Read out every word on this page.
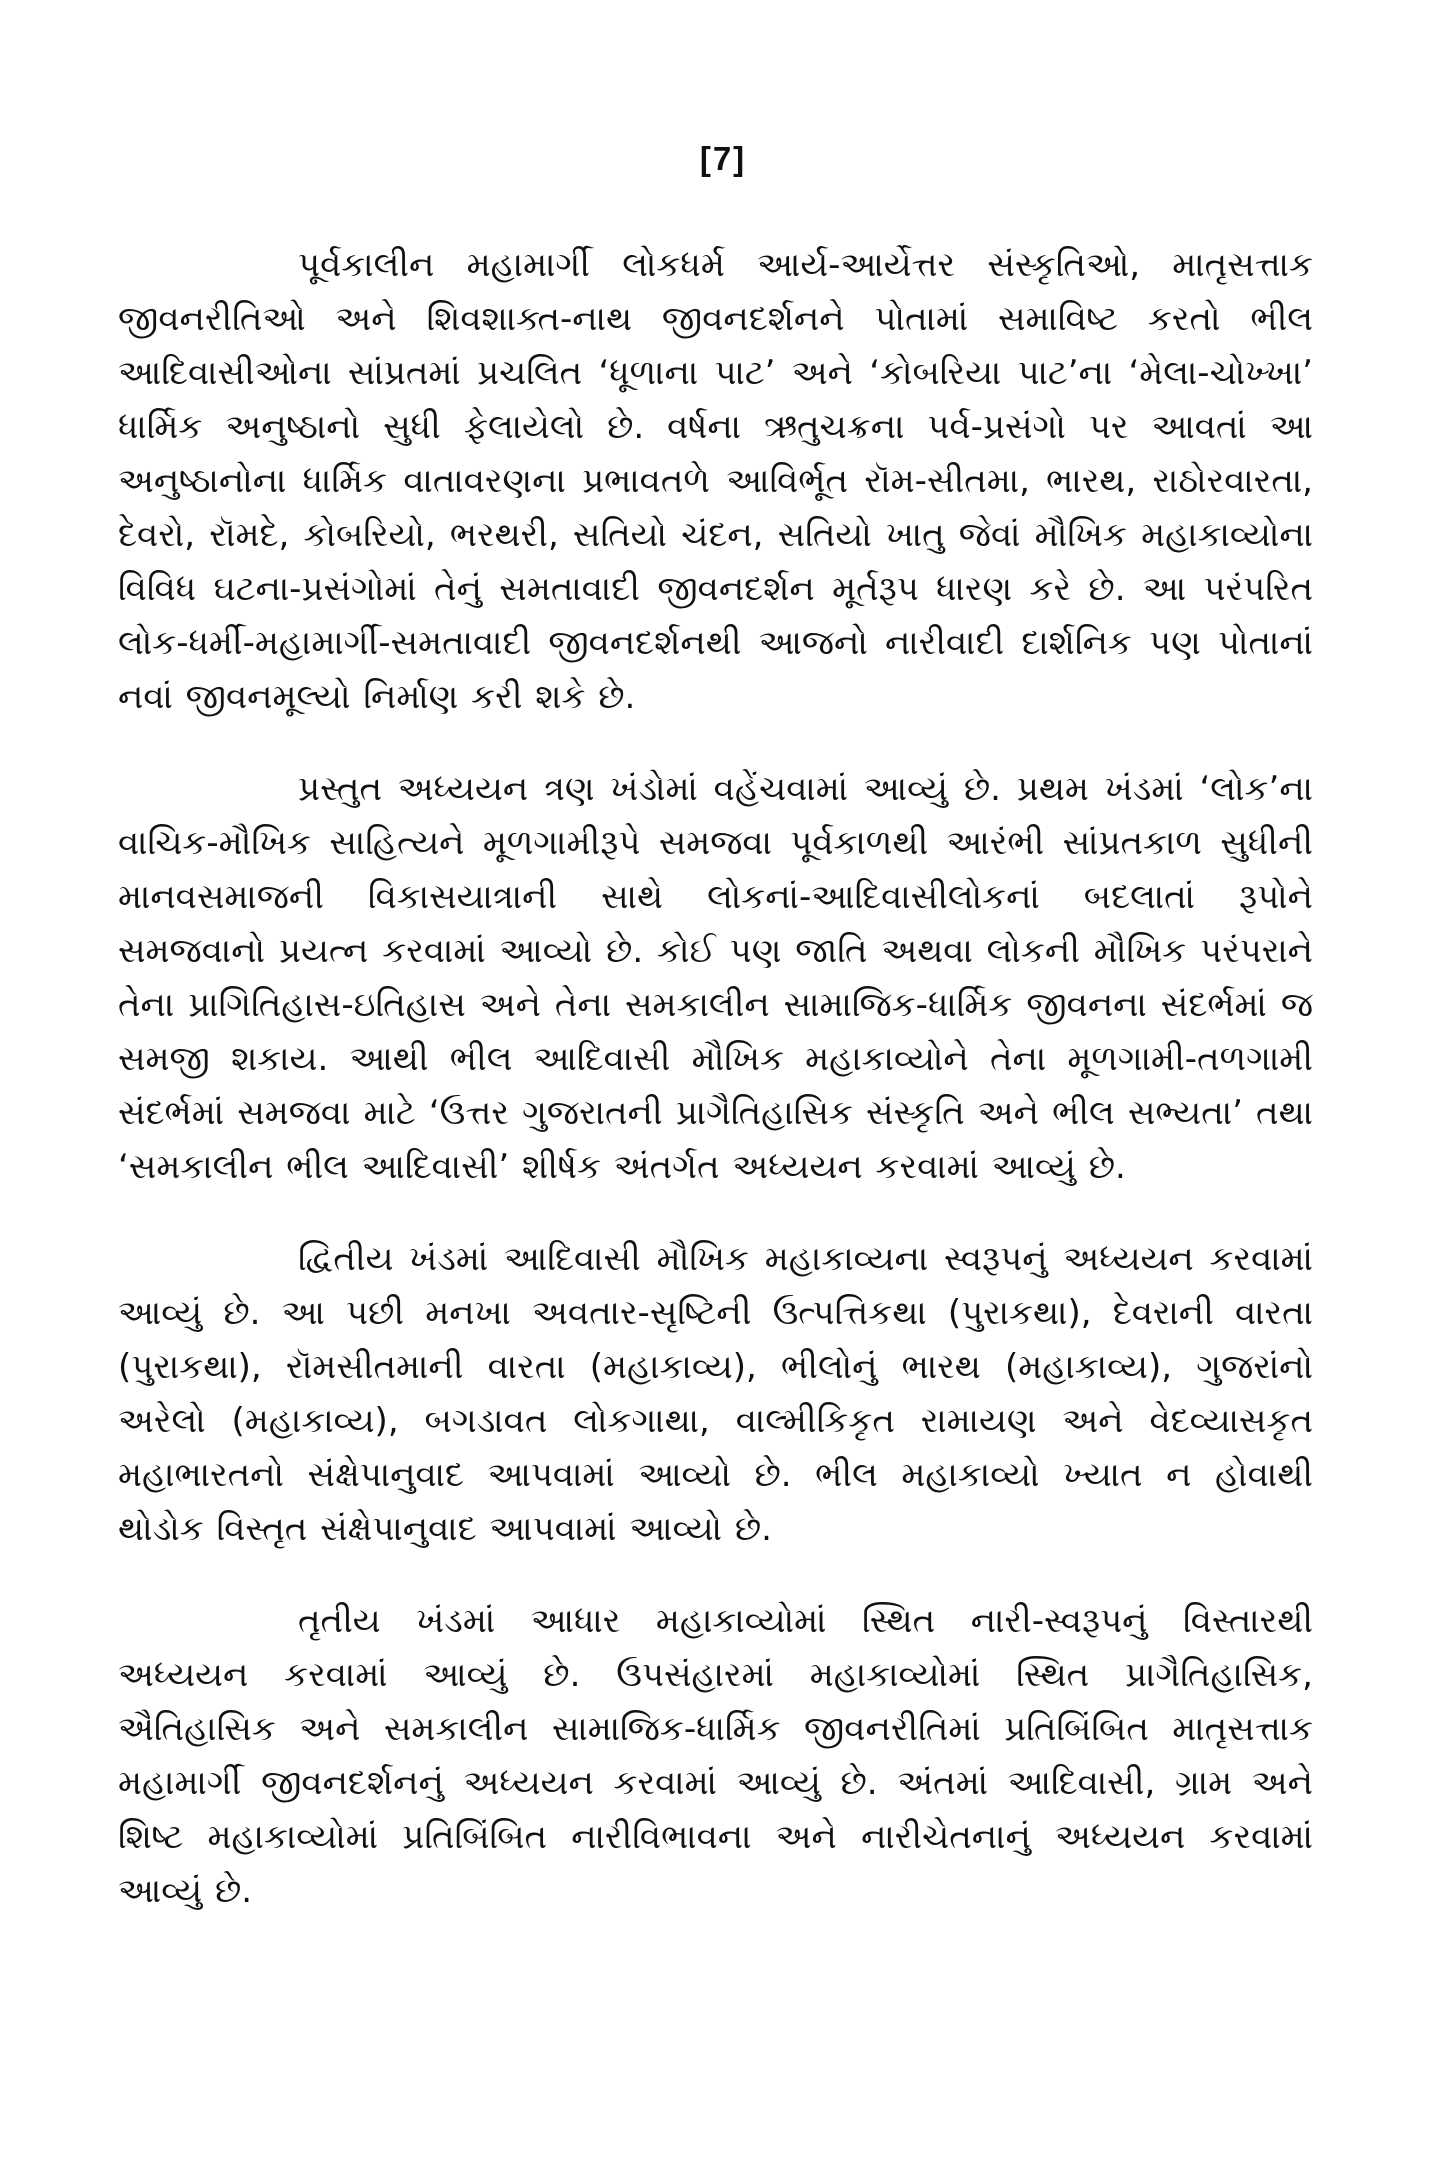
[7]

પૂર્વકાલીન મહામાર્ગી લોકધર્મ આર્ય-આર્યેત્તર સંસ્કૃતિઓ, માતૃસત્તાક જીવનરીતિઓ અને શિવશાક્ત-નાથ જીવનદર્શનને પોતામાં સમાવિષ્ટ કરતો ભીલ આદિવાસીઓના સાંપ્રતમાં પ્રચલિત ‘ધૂળાના પાટ’ અને ‘કોબરિયા પાટ’ના ‘મેલા-ચોખ્ખા’ ધાર્મિક અનુષ્ઠાનો સુધી ફેલાયેલો છે. વર્ષના ઋતુચક્રના પર્વ-પ્રસંગો પર આવતાં આ અનુષ્ઠાનોના ધાર્મિક વાતાવરણના પ્રભાવતળે આવિર્ભૂત રૉમ-સીતમા, ભારથ, રાઠોરવારતા, દેવરો, રૉમદે, કોબરિયો, ભરથરી, સતિયો ચંદન, સતિયો ખાતુ જેવાં મૌખિક મહાકાવ્યોના વિવિધ ઘટના-પ્રસંગોમાં તેનું સમતાવાદી જીવનદર્શન મૂર્તરૂપ ધારણ કરે છે. આ પરંપરિત લોક-ધર્મી-મહામાર્ગી-સમતાવાદી જીવનદર્શનથી આજનો નારીવાદી દાર્શનિક પણ પોતાનાં નવાં જીવનમૂલ્યો નિર્માણ કરી શકે છે.

પ્રસ્તુત અધ્યયન ત્રણ ખંડોમાં વહેંચવામાં આવ્યું છે. પ્રથમ ખંડમાં ‘લોક’ના વાચિક-મૌખિક સાહિત્યને મૂળગામીરૂપે સમજવા પૂર્વકાળથી આરંભી સાંપ્રતકાળ સુધીની માનવસમાજની વિકાસયાત્રાની સાથે લોકનાં-આદિવાસીલોકનાં બદલાતાં રૂપોને સમજવાનો પ્રયત્ન કરવામાં આવ્યો છે. કોઈ પણ જાતિ અથવા લોકની મૌખિક પરંપરાને તેના પ્રાગિતિહાસ-ઇતિહાસ અને તેના સમકાલીન સામાજિક-ધાર્મિક જીવનના સંદર્ભમાં જ સમજી શકાય. આથી ભીલ આદિવાસી મૌખિક મહાકાવ્યોને તેના મૂળગામી-તળગામી સંદર્ભમાં સમજવા માટે ‘ઉત્તર ગુજરાતની પ્રાગૈતિહાસિક સંસ્કૃતિ અને ભીલ સભ્યતા’ તથા ‘સમકાલીન ભીલ આદિવાસી’ શીર્ષક અંતર્ગત અધ્યયન કરવામાં આવ્યું છે.

દ્વિતીય ખંડમાં આદિવાસી મૌખિક મહાકાવ્યના સ્વરૂપનું અધ્યયન કરવામાં આવ્યું છે. આ પછી મનખા અવતાર-સૃષ્ટિની ઉત્પત્તિકથા (પુરાકથા), દેવરાની વારતા (પુરાકથા), રૉમસીતમાની વારતા (મહાકાવ્ય), ભીલોનું ભારથ (મહાકાવ્ય), ગુજરાંનો અરેલો (મહાકાવ્ય), બગડાવત લોકગાથા, વાલ્મીકિકૃત રામાયણ અને વેદવ્યાસકૃત મહાભારતનો સંક્ષેપાનુવાદ આપવામાં આવ્યો છે. ભીલ મહાકાવ્યો ખ્યાત ન હોવાથી થોડોક વિસ્તૃત સંક્ષેપાનુવાદ આપવામાં આવ્યો છે.

તૃતીય ખંડમાં આધાર મહાકાવ્યોમાં સ્થિત નારી-સ્વરૂપનું વિસ્તારથી અધ્યયન કરવામાં આવ્યું છે. ઉપસંહારમાં મહાકાવ્યોમાં સ્થિત પ્રાગૈતિહાસિક, ઐતિહાસિક અને સમકાલીન સામાજિક-ધાર્મિક જીવનરીતિમાં પ્રતિબિંબિત માતૃસત્તાક મહામાર્ગી જીવનદર્શનનું અધ્યયન કરવામાં આવ્યું છે. અંતમાં આદિવાસી, ગ્રામ અને શિષ્ટ મહાકાવ્યોમાં પ્રતિબિંબિત નારીવિભાવના અને નારીચેતનાનું અધ્યયન કરવામાં આવ્યું છે.
